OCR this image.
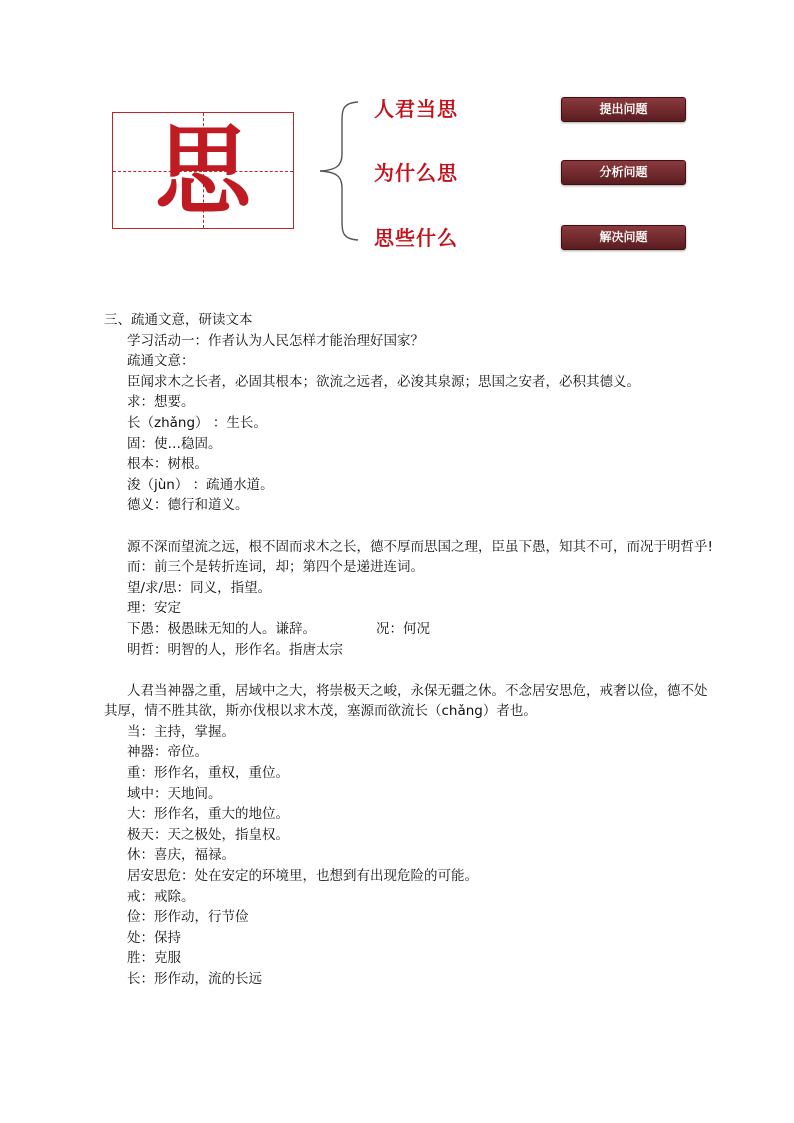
思
人君当思
为什么思
思些什么
提出问题
分析问题
解决问题

三、疏通文意，研读文本

学习活动一：作者认为人民怎样才能治理好国家？

疏通文意：

臣闻求木之长者，必固其根本；欲流之远者，必浚其泉源；思国之安者，必积其德义。

求：想要。

长（zhǎng） ：生长。

固：使…稳固。

根本：树根。

浚（jùn） ：疏通水道。

德义：德行和道义。

源不深而望流之远，根不固而求木之长，德不厚而思国之理，臣虽下愚，知其不可，而况于明哲乎!

而：前三个是转折连词，却；第四个是递进连词。

望/求/思：同义，指望。

理：安定

下愚：极愚昧无知的人。谦辞。	况：何况

明哲：明智的人，形作名。指唐太宗

人君当神器之重，居域中之大，将崇极天之峻，永保无疆之休。不念居安思危，戒奢以俭，德不处其厚，情不胜其欲，斯亦伐根以求木茂，塞源而欲流长（chǎng）者也。

当：主持，掌握。

神器：帝位。

重：形作名，重权，重位。

域中：天地间。

大：形作名，重大的地位。

极天：天之极处，指皇权。

休：喜庆，福禄。

居安思危：处在安定的环境里，也想到有出现危险的可能。

戒：戒除。

俭：形作动，行节俭

处：保持

胜：克服

长：形作动，流的长远
